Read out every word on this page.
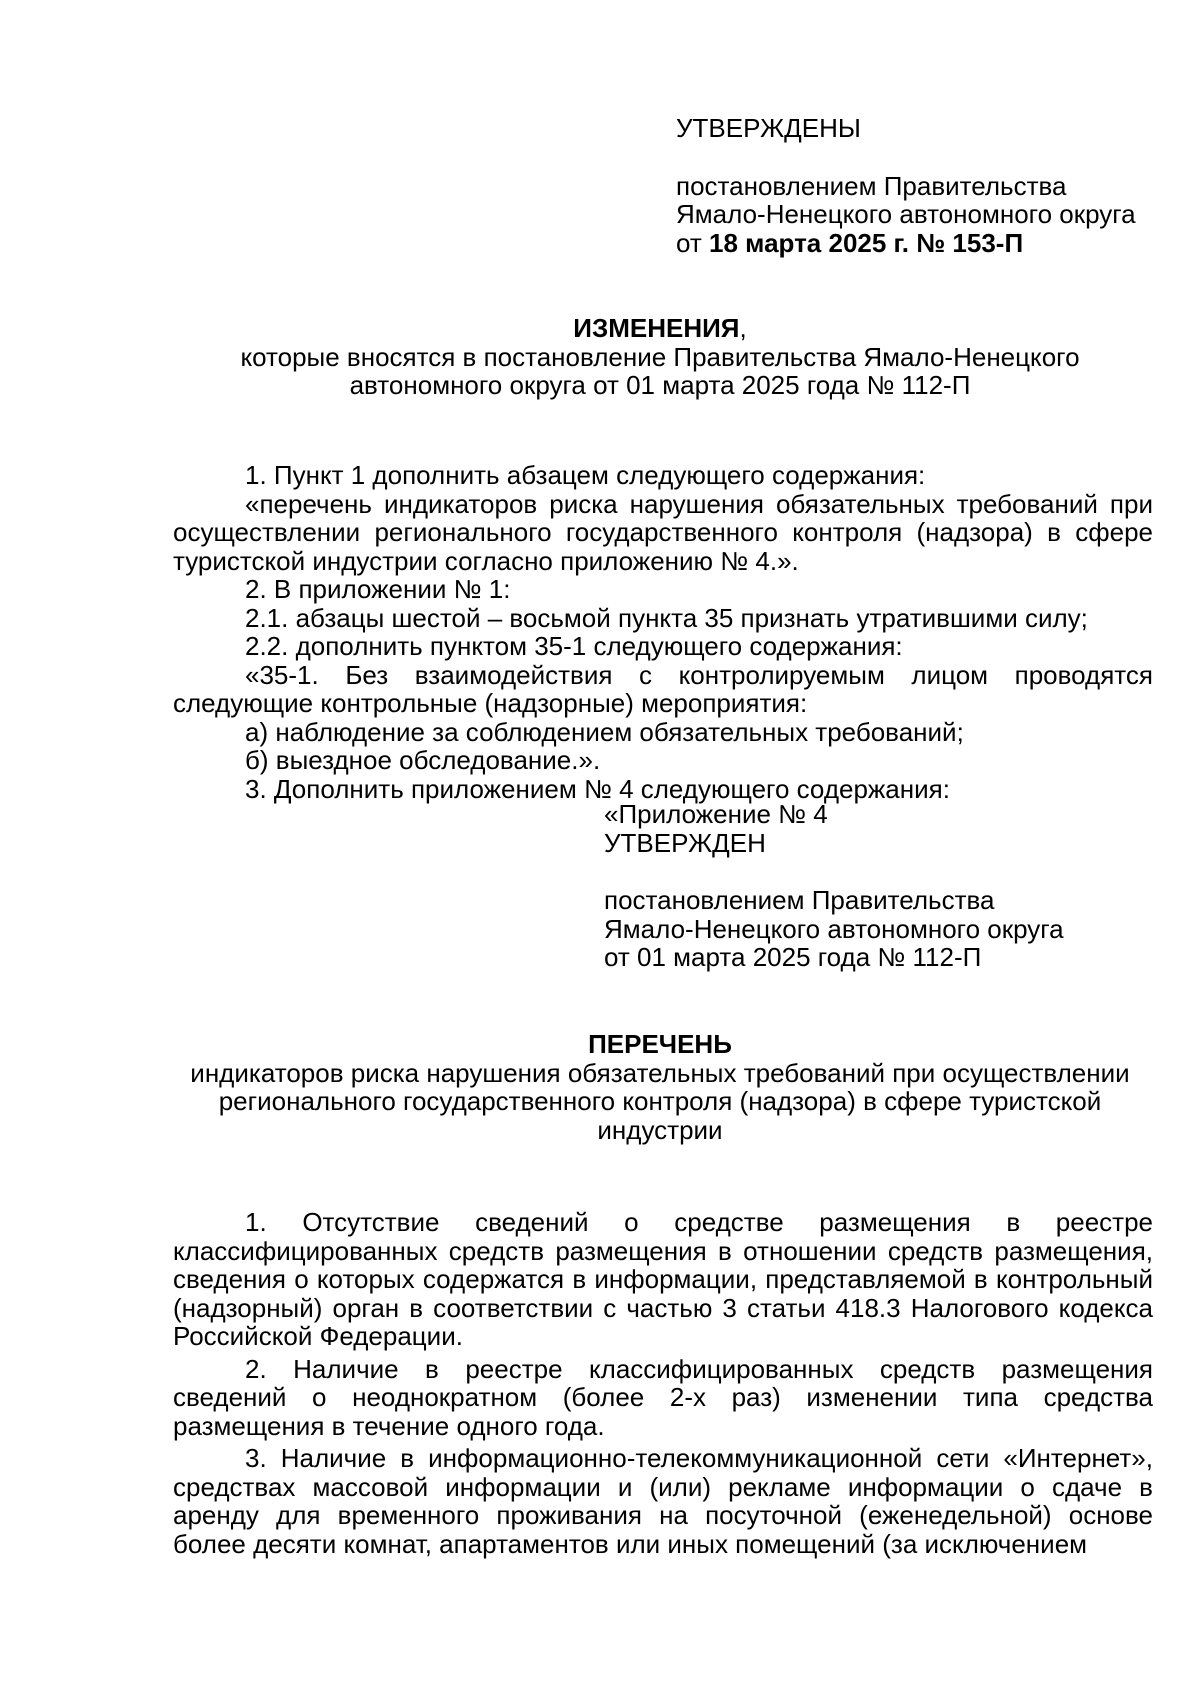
УТВЕРЖДЕНЫ
постановлением Правительства
Ямало-Ненецкого автономного округа
от 18 марта 2025 г. № 153-П
ИЗМЕНЕНИЯ,
которые вносятся в постановление Правительства Ямало-Ненецкого
автономного округа от 01 марта 2025 года № 112-П

1. Пункт 1 дополнить абзацем следующего содержания:

«перечень индикаторов риска нарушения обязательных требований при осуществлении регионального государственного контроля (надзора) в сфере туристской индустрии согласно приложению № 4.».

2. В приложении № 1:

2.1. абзацы шестой – восьмой пункта 35 признать утратившими силу;

2.2. дополнить пунктом 35-1 следующего содержания:

«35-1. Без взаимодействия с контролируемым лицом проводятся следующие контрольные (надзорные) мероприятия:

а) наблюдение за соблюдением обязательных требований;

б) выездное обследование.».

3. Дополнить приложением № 4 следующего содержания:

«Приложение № 4
УТВЕРЖДЕН
постановлением Правительства
Ямало-Ненецкого автономного округа
от 01 марта 2025 года № 112-П
ПЕРЕЧЕНЬ
индикаторов риска нарушения обязательных требований при осуществлении
регионального государственного контроля (надзора) в сфере туристской
индустрии

1. Отсутствие сведений о средстве размещения в реестре классифицированных средств размещения в отношении средств размещения, сведения о которых содержатся в информации, представляемой в контрольный (надзорный) орган в соответствии с частью 3 статьи 418.3 Налогового кодекса Российской Федерации.

2. Наличие в реестре классифицированных средств размещения сведений о неоднократном (более 2-х раз) изменении типа средства размещения в течение одного года.

3. Наличие в информационно-телекоммуникационной сети «Интернет», средствах массовой информации и (или) рекламе информации о сдаче в аренду для временного проживания на посуточной (еженедельной) основе более десяти комнат, апартаментов или иных помещений (за исключением
